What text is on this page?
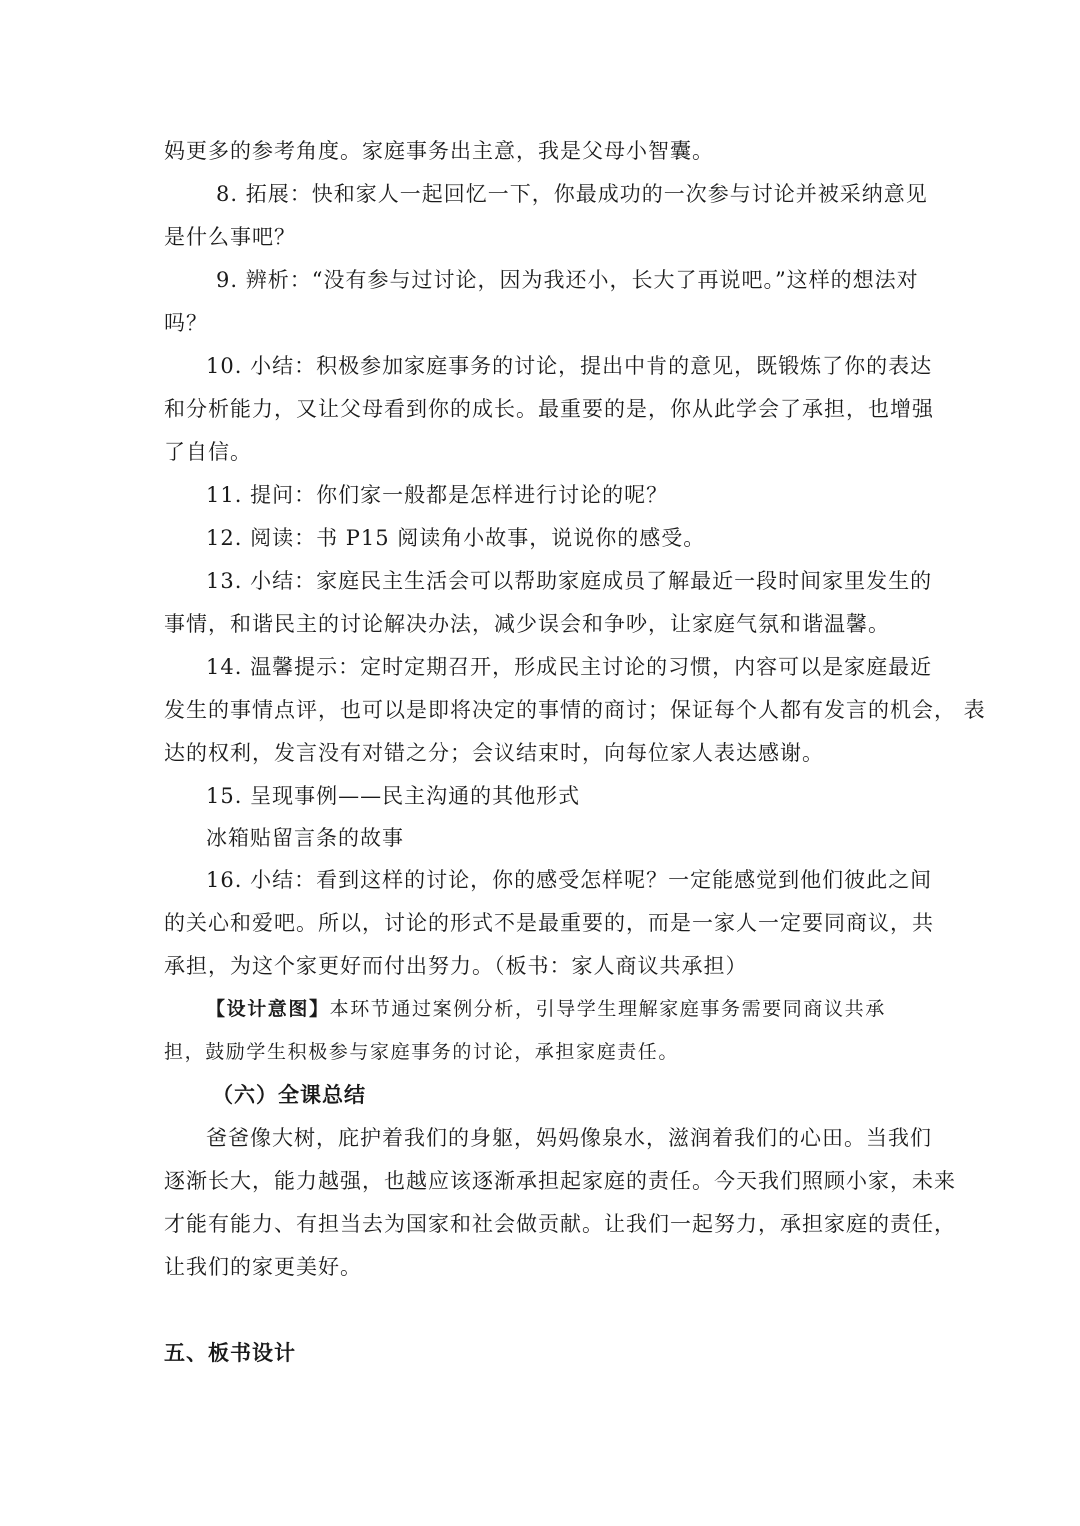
妈更多的参考角度。家庭事务出主意，我是父母小智囊。
8. 拓展：快和家人一起回忆一下，你最成功的一次参与讨论并被采纳意见
是什么事吧？
9. 辨析：“没有参与过讨论，因为我还小，长大了再说吧。”这样的想法对
吗？
10. 小结：积极参加家庭事务的讨论，提出中肯的意见，既锻炼了你的表达
和分析能力，又让父母看到你的成长。最重要的是，你从此学会了承担，也增强
了自信。
11. 提问：你们家一般都是怎样进行讨论的呢？
12. 阅读：书 P15 阅读角小故事，说说你的感受。
13. 小结：家庭民主生活会可以帮助家庭成员了解最近一段时间家里发生的
事情，和谐民主的讨论解决办法，减少误会和争吵，让家庭气氛和谐温馨。
14. 温馨提示：定时定期召开，形成民主讨论的习惯，内容可以是家庭最近
发生的事情点评，也可以是即将决定的事情的商讨；保证每个人都有发言的机会， 表
达的权利，发言没有对错之分；会议结束时，向每位家人表达感谢。
15. 呈现事例——民主沟通的其他形式
冰箱贴留言条的故事
16. 小结：看到这样的讨论，你的感受怎样呢？一定能感觉到他们彼此之间
的关心和爱吧。所以，讨论的形式不是最重要的，而是一家人一定要同商议，共
承担，为这个家更好而付出努力。（板书：家人商议共承担）
【设计意图】本环节通过案例分析，引导学生理解家庭事务需要同商议共承
担，鼓励学生积极参与家庭事务的讨论，承担家庭责任。
（六）全课总结
爸爸像大树，庇护着我们的身躯，妈妈像泉水，滋润着我们的心田。当我们
逐渐长大，能力越强，也越应该逐渐承担起家庭的责任。今天我们照顾小家，未来
才能有能力、有担当去为国家和社会做贡献。让我们一起努力，承担家庭的责任，
让我们的家更美好。
五、板书设计
